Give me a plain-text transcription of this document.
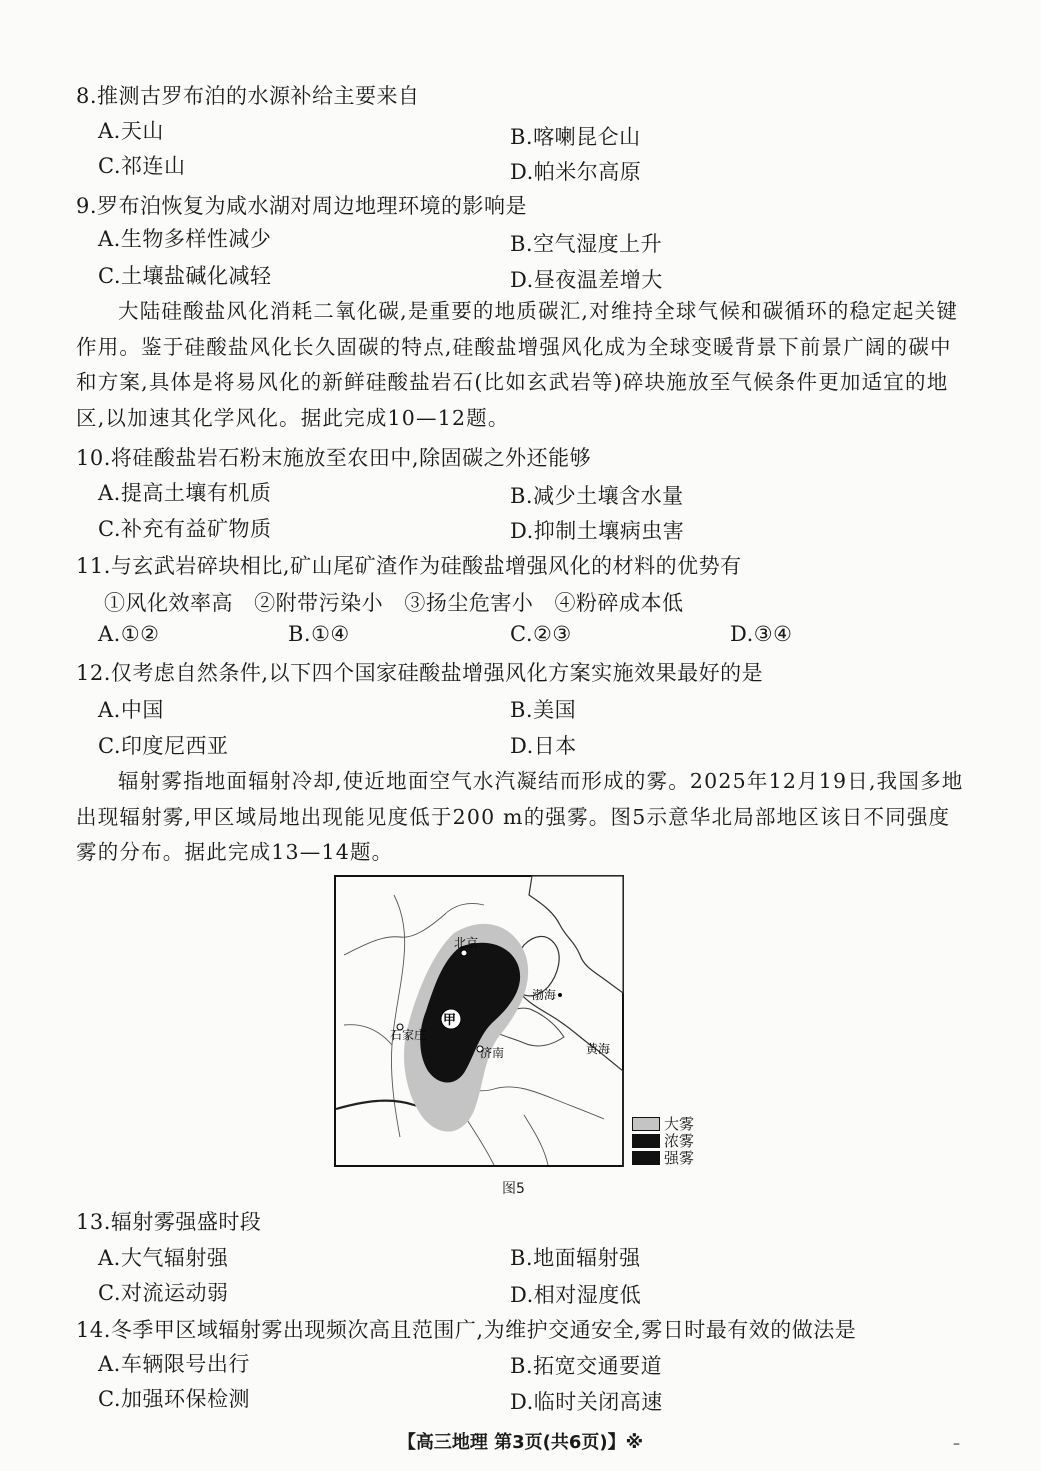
8.推测古罗布泊的水源补给主要来自
A.天山	B.喀喇昆仑山
C.祁连山	D.帕米尔高原
9.罗布泊恢复为咸水湖对周边地理环境的影响是
A.生物多样性减少	B.空气湿度上升
C.土壤盐碱化减轻	D.昼夜温差增大
大陆硅酸盐风化消耗二氧化碳,是重要的地质碳汇,对维持全球气候和碳循环的稳定起关键作用。鉴于硅酸盐风化长久固碳的特点,硅酸盐增强风化成为全球变暖背景下前景广阔的碳中和方案,具体是将易风化的新鲜硅酸盐岩石(比如玄武岩等)碎块施放至气候条件更加适宜的地区,以加速其化学风化。据此完成10—12题。
10.将硅酸盐岩石粉末施放至农田中,除固碳之外还能够
A.提高土壤有机质	B.减少土壤含水量
C.补充有益矿物质	D.抑制土壤病虫害
11.与玄武岩碎块相比,矿山尾矿渣作为硅酸盐增强风化的材料的优势有
①风化效率高 ②附带污染小 ③扬尘危害小 ④粉碎成本低
A.①②	B.①④	C.②③	D.③④
12.仅考虑自然条件,以下四个国家硅酸盐增强风化方案实施效果最好的是
A.中国	B.美国
C.印度尼西亚	D.日本
辐射雾指地面辐射冷却,使近地面空气水汽凝结而形成的雾。2025年12月19日,我国多地出现辐射雾,甲区域局地出现能见度低于200 m的强雾。图5示意华北局部地区该日不同强度雾的分布。据此完成13—14题。
北京
石家庄
济南
渤海
黄海
甲
大雾
浓雾
强雾
图5
13.辐射雾强盛时段
A.大气辐射强	B.地面辐射强
C.对流运动弱	D.相对湿度低
14.冬季甲区域辐射雾出现频次高且范围广,为维护交通安全,雾日时最有效的做法是
A.车辆限号出行	B.拓宽交通要道
C.加强环保检测	D.临时关闭高速
【高三地理 第3页(共6页)】※	–
